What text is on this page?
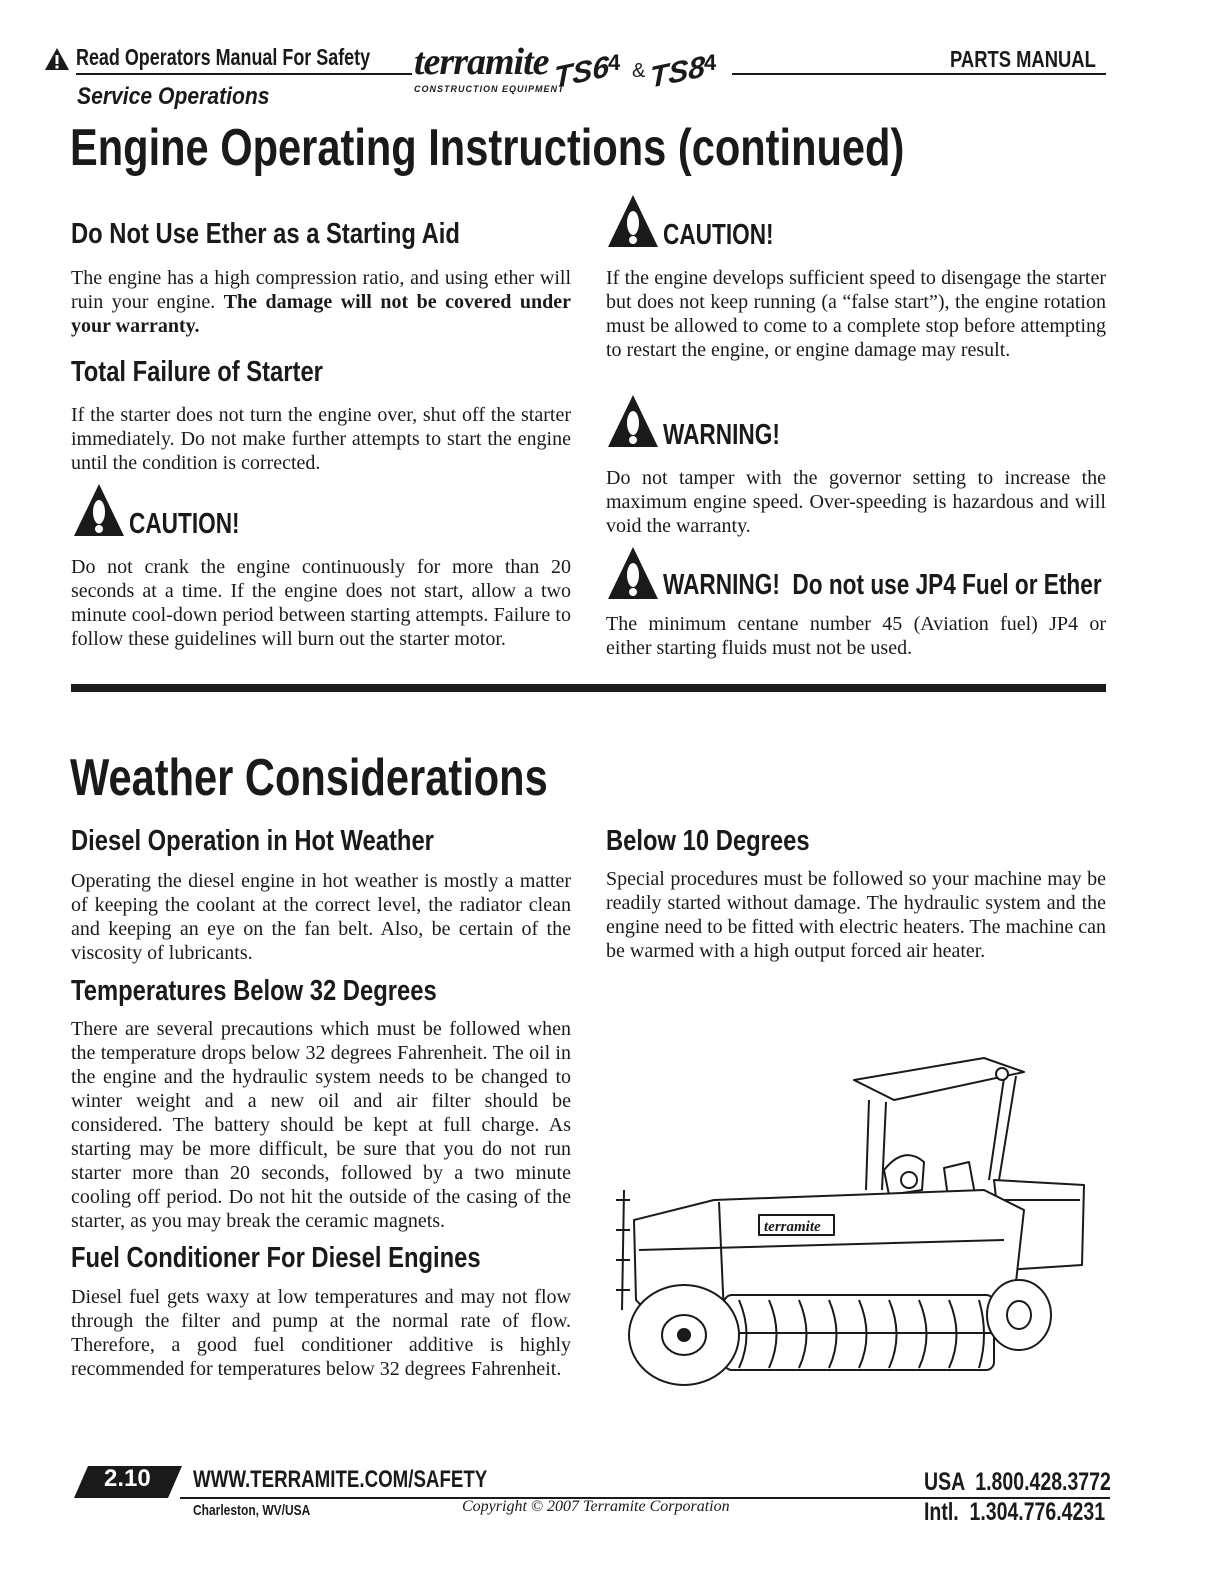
Read Operators Manual For Safety
Service Operations
terramite
CONSTRUCTION EQUIPMENT
TS6
4 & TS8
4	PARTS MANUAL
Engine Operating Instructions (continued)
Do Not Use Ether as a Starting Aid

The engine has a high compression ratio, and using ether will ruin your engine. The damage will not be covered under your warranty.

Total Failure of Starter

If the starter does not turn the engine over, shut off the starter immediately. Do not make further attempts to start the engine until the condition is corrected.

CAUTION!

Do not crank the engine continuously for more than 20 seconds at a time. If the engine does not start, allow a two minute cool-down period between starting attempts. Failure to follow these guidelines will burn out the starter motor.

CAUTION!

If the engine develops sufficient speed to disengage the starter but does not keep running (a “false start”), the engine rotation must be allowed to come to a complete stop before attempting to restart the engine, or engine damage may result.

WARNING!

Do not tamper with the governor setting to increase the maximum engine speed. Over-speeding is hazardous and will void the warranty.

WARNING!  Do not use JP4 Fuel or Ether

The minimum centane number 45 (Aviation fuel) JP4 or either starting fluids must not be used.

Weather Considerations
Diesel Operation in Hot Weather

Operating the diesel engine in hot weather is mostly a matter of keeping the coolant at the correct level, the radiator clean and keeping an eye on the fan belt. Also, be certain of the viscosity of lubricants.

Temperatures Below 32 Degrees

There are several precautions which must be followed when the temperature drops below 32 degrees Fahrenheit. The oil in the engine and the hydraulic system needs to be changed to winter weight and a new oil and air filter should be considered. The battery should be kept at full charge. As starting may be more difficult, be sure that you do not run starter more than 20 seconds, followed by a two minute cooling off period. Do not hit the outside of the casing of the starter, as you may break the ceramic magnets.

Fuel Conditioner For Diesel Engines

Diesel fuel gets waxy at low temperatures and may not flow through the filter and pump at the normal rate of flow. Therefore, a good fuel conditioner additive is highly recommended for temperatures below 32 degrees Fahrenheit.

Below 10 Degrees

Special procedures must be followed so your machine may be readily started without damage. The hydraulic system and the engine need to be fitted with electric heaters. The machine can be warmed with a high output forced air heater.

terramite
2.10 WWW.TERRAMITE.COM/SAFETY
Charleston, WV/USA	Copyright © 2007 Terramite Corporation
USA  1.800.428.3772
Intl.  1.304.776.4231
